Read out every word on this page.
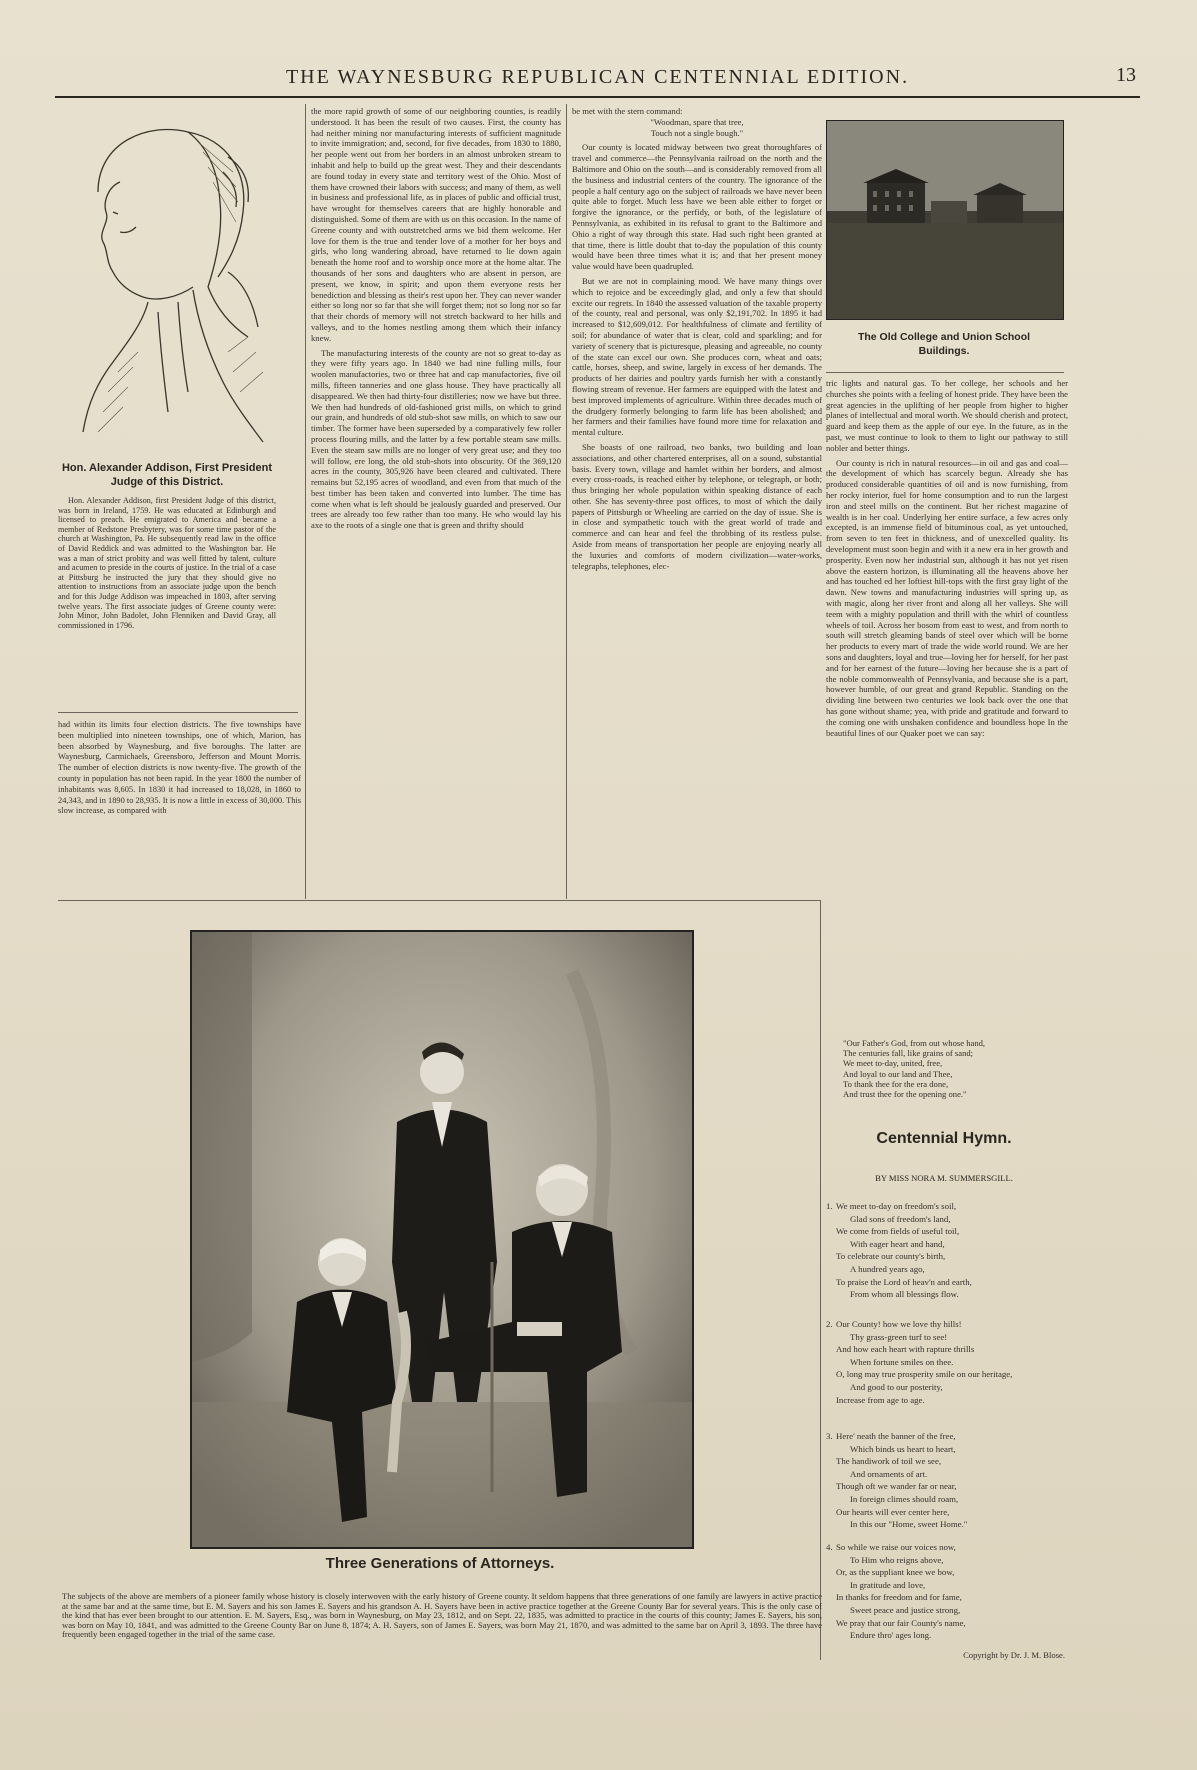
THE WAYNESBURG REPUBLICAN CENTENNIAL EDITION.	13
Hon. Alexander Addison, First President
Judge of this District.

Hon. Alexander Addison, first President Judge of this district, was born in Ireland, 1759. He was educated at Edinburgh and licensed to preach. He emigrated to America and became a member of Redstone Presbytery, was for some time pastor of the church at Washington, Pa. He subsequently read law in the office of David Reddick and was admitted to the Washington bar. He was a man of strict probity and was well fitted by talent, culture and acumen to preside in the courts of justice. In the trial of a case at Pittsburg he instructed the jury that they should give no attention to instructions from an associate judge upon the bench and for this Judge Addison was impeached in 1803, after serving twelve years. The first associate judges of Greene county were: John Minor, John Badolet, John Flenniken and David Gray, all commissioned in 1796.

had within its limits four election districts. The five townships have been multiplied into nineteen townships, one of which, Marion, has been absorbed by Waynesburg, and five boroughs. The latter are Waynesburg, Carmichaels, Greensboro, Jefferson and Mount Morris. The number of election districts is now twenty-five. The growth of the county in population has not been rapid. In the year 1800 the number of inhabitants was 8,605. In 1830 it had increased to 18,028, in 1860 to 24,343, and in 1890 to 28,935. It is now a little in excess of 30,000. This slow increase, as compared with

the more rapid growth of some of our neighboring counties, is readily understood. It has been the result of two causes. First, the county has had neither mining nor manufacturing interests of sufficient magnitude to invite immigration; and, second, for five decades, from 1830 to 1880, her people went out from her borders in an almost unbroken stream to inhabit and help to build up the great west. They and their descendants are found today in every state and territory west of the Ohio. Most of them have crowned their labors with success; and many of them, as well in business and professional life, as in places of public and official trust, have wrought for themselves careers that are highly honorable and distinguished. Some of them are with us on this occasion. In the name of Greene county and with outstretched arms we bid them welcome. Her love for them is the true and tender love of a mother for her boys and girls, who long wandering abroad, have returned to lie down again beneath the home roof and to worship once more at the home altar. The thousands of her sons and daughters who are absent in person, are present, we know, in spirit; and upon them everyone rests her benediction and blessing as their's rest upon her. They can never wander either so long nor so far that she will forget them; not so long nor so far that their chords of memory will not stretch backward to her hills and valleys, and to the homes nestling among them which their infancy knew.

The manufacturing interests of the county are not so great to-day as they were fifty years ago. In 1840 we had nine fulling mills, four woolen manufactories, two or three hat and cap manufactories, five oil mills, fifteen tanneries and one glass house. They have practically all disappeared. We then had thirty-four distilleries; now we have but three. We then had hundreds of old-fashioned grist mills, on which to grind our grain, and hundreds of old stub-shot saw mills, on which to saw our timber. The former have been superseded by a comparatively few roller process flouring mills, and the latter by a few portable steam saw mills. Even the steam saw mills are no longer of very great use; and they too will follow, ere long, the old stub-shots into obscurity. Of the 369,120 acres in the county, 305,926 have been cleared and cultivated. There remains but 52,195 acres of woodland, and even from that much of the best timber has been taken and converted into lumber. The time has come when what is left should be jealously guarded and preserved. Our trees are already too few rather than too many. He who would lay his axe to the roots of a single one that is green and thrifty should

be met with the stern command:
"Woodman, spare that tree,
Touch not a single bough."

Our county is located midway between two great thoroughfares of travel and commerce—the Pennsylvania railroad on the north and the Baltimore and Ohio on the south—and is considerably removed from all the business and industrial centers of the country. The ignorance of the people a half century ago on the subject of railroads we have never been quite able to forget. Much less have we been able either to forget or forgive the ignorance, or the perfidy, or both, of the legislature of Pennsylvania, as exhibited in its refusal to grant to the Baltimore and Ohio a right of way through this state. Had such right been granted at that time, there is little doubt that to-day the population of this county would have been three times what it is; and that her present money value would have been quadrupled.

But we are not in complaining mood. We have many things over which to rejoice and be exceedingly glad, and only a few that should excite our regrets. In 1840 the assessed valuation of the taxable property of the county, real and personal, was only $2,191,702. In 1895 it had increased to $12,609,012. For healthfulness of climate and fertility of soil; for abundance of water that is clear, cold and sparkling; and for variety of scenery that is picturesque, pleasing and agreeable, no county of the state can excel our own. She produces corn, wheat and oats; cattle, horses, sheep, and swine, largely in excess of her demands. The products of her dairies and poultry yards furnish her with a constantly flowing stream of revenue. Her farmers are equipped with the latest and best improved implements of agriculture. Within three decades much of the drudgery formerly belonging to farm life has been abolished; and her farmers and their families have found more time for relaxation and mental culture.

She boasts of one railroad, two banks, two building and loan associations, and other chartered enterprises, all on a sound, substantial basis. Every town, village and hamlet within her borders, and almost every cross-roads, is reached either by telephone, or telegraph, or both; thus bringing her whole population within speaking distance of each other. She has seventy-three post offices, to most of which the daily papers of Pittsburgh or Wheeling are carried on the day of issue. She is in close and sympathetic touch with the great world of trade and commerce and can hear and feel the throbbing of its restless pulse. Aside from means of transportation her people are enjoying nearly all the luxuries and comforts of modern civilization—water-works, telegraphs, telephones, elec-

The Old College and Union School
Buildings.

tric lights and natural gas. To her college, her schools and her churches she points with a feeling of honest pride. They have been the great agencies in the uplifting of her people from higher to higher planes of intellectual and moral worth. We should cherish and protect, guard and keep them as the apple of our eye. In the future, as in the past, we must continue to look to them to light our pathway to still nobler and better things.

Our county is rich in natural resources—in oil and gas and coal—the development of which has scarcely begun. Already she has produced considerable quantities of oil and is now furnishing, from her rocky interior, fuel for home consumption and to run the largest iron and steel mills on the continent. But her richest magazine of wealth is in her coal. Underlying her entire surface, a few acres only excepted, is an immense field of bituminous coal, as yet untouched, from seven to ten feet in thickness, and of unexcelled quality. Its development must soon begin and with it a new era in her growth and prosperity. Even now her industrial sun, although it has not yet risen above the eastern horizon, is illuminating all the heavens above her and has touched ed her loftiest hill-tops with the first gray light of the dawn. New towns and manufacturing industries will spring up, as with magic, along her river front and along all her valleys. She will teem with a mighty population and thrill with the whirl of countless wheels of toil. Across her bosom from east to west, and from north to south will stretch gleaming bands of steel over which will be borne her products to every mart of trade the wide world round. We are her sons and daughters, loyal and true—loving her for herself, for her past and for her earnest of the future—loving her because she is a part of the noble commonwealth of Pennsylvania, and because she is a part, however humble, of our great and grand Republic. Standing on the dividing line between two centuries we look back over the one that has gone without shame; yea, with pride and gratitude and forward to the coming one with unshaken confidence and boundless hope In the beautiful lines of our Quaker poet we can say:

"Our Father's God, from out whose hand,
The centuries fall, like grains of sand;
We meet to-day, united, free,
And loyal to our land and Thee,
To thank thee for the era done,
And trust thee for the opening one."
Centennial Hymn.
BY MISS NORA M. SUMMERSGILL.
1. We meet to-day on freedom's soil,
Glad sons of freedom's land,
We come from fields of useful toil,
With eager heart and hand,
To celebrate our county's birth,
A hundred years ago,
To praise the Lord of heav'n and earth,
From whom all blessings flow.
2. Our County! how we love thy hills!
Thy grass-green turf to see!
And how each heart with rapture thrills
When fortune smiles on thee.
O, long may true prosperity smile on our heritage,
And good to our posterity,
Increase from age to age.
3. Here' neath the banner of the free,
Which binds us heart to heart,
The handiwork of toil we see,
And ornaments of art.
Though oft we wander far or near,
In foreign climes should roam,
Our hearts will ever center here,
In this our "Home, sweet Home."
4. So while we raise our voices now,
To Him who reigns above,
Or, as the suppliant knee we bow,
In gratitude and love,
In thanks for freedom and for fame,
Sweet peace and justice strong,
We pray that our fair County's name,
Endure thro' ages long.
Copyright by Dr. J. M. Blose.
Three Generations of Attorneys.
The subjects of the above are members of a pioneer family whose history is closely interwoven with the early history of Greene county. It seldom happens that three generations of one family are lawyers in active practice at the same bar and at the same time, but E. M. Sayers and his son James E. Sayers and his grandson A. H. Sayers have been in active practice together at the Greene County Bar for several years. This is the only case of the kind that has ever been brought to our attention. E. M. Sayers, Esq., was born in Waynesburg, on May 23, 1812, and on Sept. 22, 1835, was admitted to practice in the courts of this county; James E. Sayers, his son, was born on May 10, 1841, and was admitted to the Greene County Bar on June 8, 1874; A. H. Sayers, son of James E. Sayers, was born May 21, 1870, and was admitted to the same bar on April 3, 1893. The three have frequently been engaged together in the trial of the same case.
